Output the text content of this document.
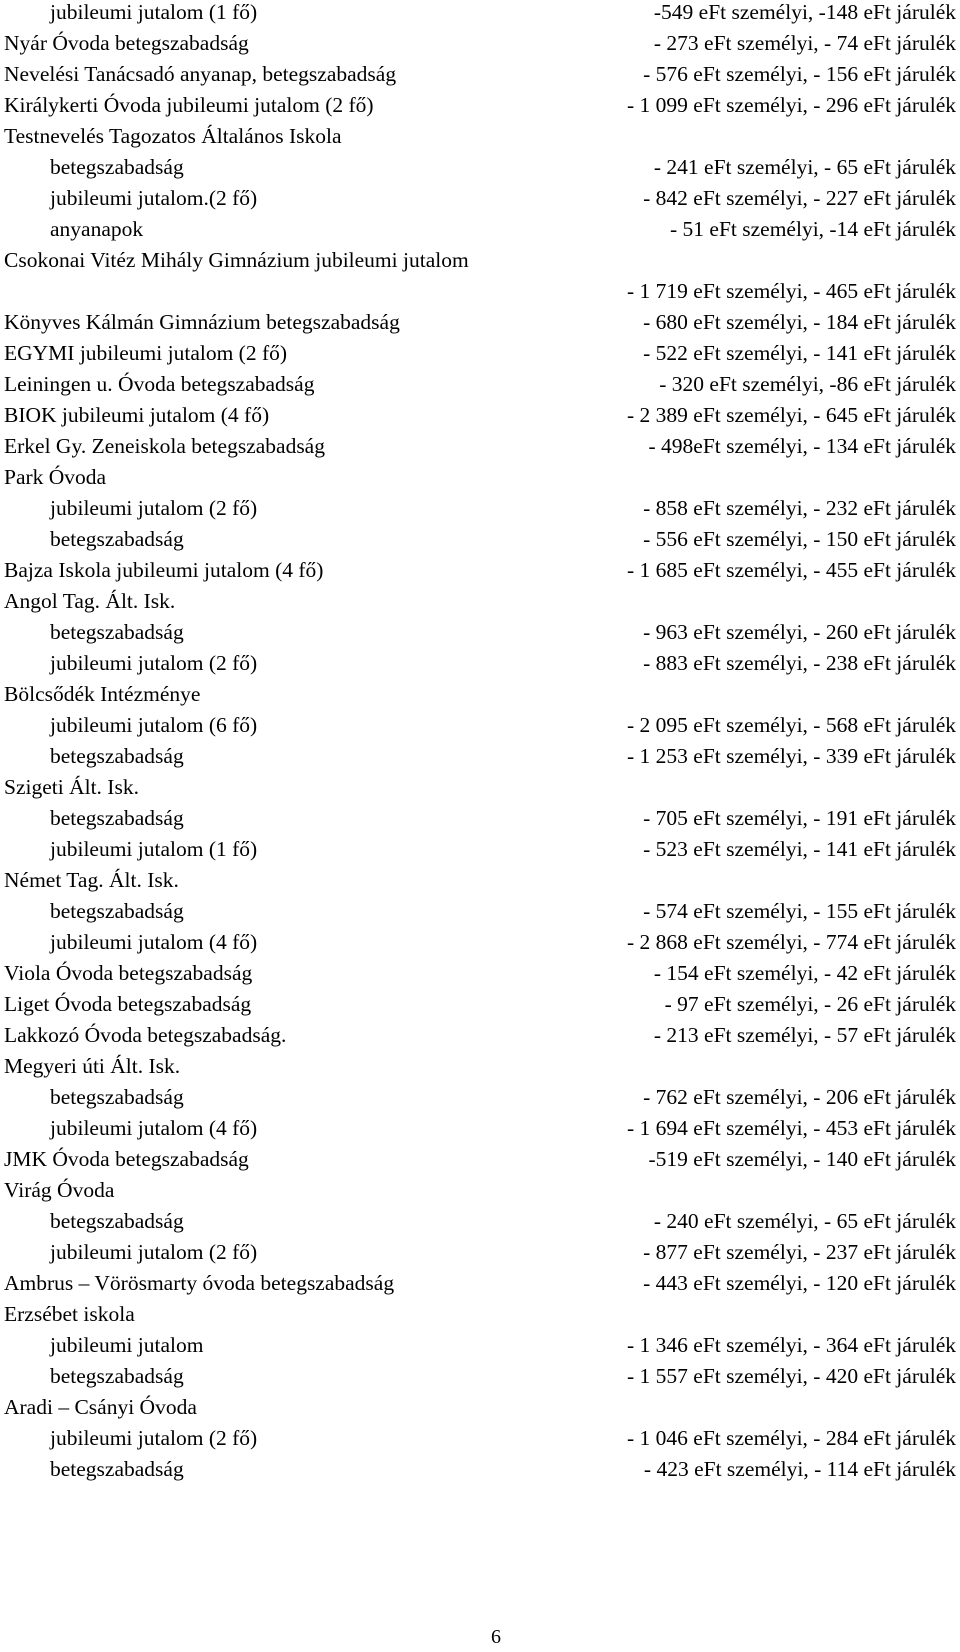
jubileumi jutalom (1 fő)	-549 eFt személyi, -148 eFt járulék
Nyár Óvoda betegszabadság	- 273 eFt személyi, - 74 eFt járulék
Nevelési Tanácsadó anyanap, betegszabadság	- 576 eFt személyi, - 156 eFt járulék
Királykerti Óvoda jubileumi jutalom (2 fő)	- 1 099 eFt személyi, - 296 eFt járulék
Testnevelés Tagozatos Általános Iskola
betegszabadság	- 241 eFt személyi, - 65 eFt járulék
jubileumi jutalom.(2 fő)	- 842 eFt személyi, - 227 eFt járulék
anyanapok	- 51 eFt személyi, -14 eFt járulék
Csokonai Vitéz Mihály Gimnázium jubileumi jutalom
- 1 719 eFt személyi, - 465 eFt járulék
Könyves Kálmán Gimnázium betegszabadság	- 680 eFt személyi, - 184 eFt járulék
EGYMI jubileumi jutalom (2 fő)	- 522 eFt személyi, - 141 eFt járulék
Leiningen u. Óvoda betegszabadság	- 320 eFt személyi, -86 eFt járulék
BIOK jubileumi jutalom (4 fő)	- 2 389 eFt személyi, - 645 eFt járulék
Erkel Gy. Zeneiskola betegszabadság	- 498eFt személyi, - 134 eFt járulék
Park Óvoda
jubileumi jutalom (2 fő)	- 858 eFt személyi, - 232 eFt járulék
betegszabadság	- 556 eFt személyi, - 150 eFt járulék
Bajza Iskola jubileumi jutalom (4 fő)	- 1 685 eFt személyi, - 455 eFt járulék
Angol Tag. Ált. Isk.
betegszabadság	- 963 eFt személyi, - 260 eFt járulék
jubileumi jutalom (2 fő)	- 883 eFt személyi, - 238 eFt járulék
Bölcsődék Intézménye
jubileumi jutalom (6 fő)	- 2 095 eFt személyi, - 568 eFt járulék
betegszabadság	- 1 253 eFt személyi, - 339 eFt járulék
Szigeti Ált. Isk.
betegszabadság	- 705 eFt személyi, - 191 eFt járulék
jubileumi jutalom (1 fő)	- 523 eFt személyi, - 141 eFt járulék
Német Tag. Ált. Isk.
betegszabadság	- 574 eFt személyi, - 155 eFt járulék
jubileumi jutalom (4 fő)	- 2 868 eFt személyi, - 774 eFt járulék
Viola Óvoda betegszabadság	- 154 eFt személyi, - 42 eFt járulék
Liget Óvoda betegszabadság	- 97 eFt személyi, - 26 eFt járulék
Lakkozó Óvoda betegszabadság.	- 213 eFt személyi, - 57 eFt járulék
Megyeri úti Ált. Isk.
betegszabadság	- 762 eFt személyi, - 206 eFt járulék
jubileumi jutalom (4 fő)	- 1 694 eFt személyi, - 453 eFt járulék
JMK Óvoda betegszabadság	-519 eFt személyi, - 140 eFt járulék
Virág Óvoda
betegszabadság	- 240 eFt személyi, - 65 eFt járulék
jubileumi jutalom (2 fő)	- 877 eFt személyi, - 237 eFt járulék
Ambrus – Vörösmarty óvoda betegszabadság	- 443 eFt személyi, - 120 eFt járulék
Erzsébet iskola
jubileumi jutalom	- 1 346 eFt személyi, - 364 eFt járulék
betegszabadság	- 1 557 eFt személyi, - 420 eFt járulék
Aradi – Csányi Óvoda
jubileumi jutalom (2 fő)	- 1 046 eFt személyi, - 284 eFt járulék
betegszabadság	- 423 eFt személyi, - 114 eFt járulék
6
